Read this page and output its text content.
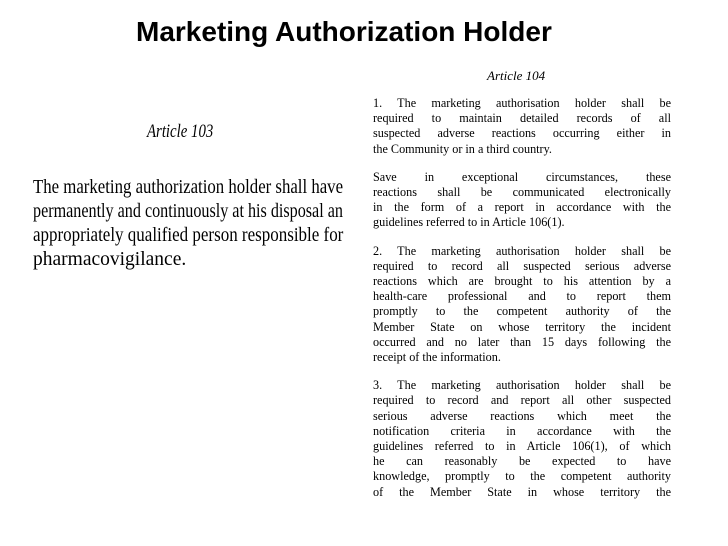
Marketing Authorization Holder
Article 103
The marketing authorization holder shall have
permanently and continuously at his disposal an
appropriately qualified person responsible for
pharmacovigilance.
Article 104

1. The marketing authorisation holder shall be
required to maintain detailed records of all
suspected adverse reactions occurring either in
the Community or in a third country.

Save in exceptional circumstances, these
reactions shall be communicated electronically
in the form of a report in accordance with the
guidelines referred to in Article 106(1).

2. The marketing authorisation holder shall be
required to record all suspected serious adverse
reactions which are brought to his attention by a
health-care professional and to report them
promptly to the competent authority of the
Member State on whose territory the incident
occurred and no later than 15 days following the
receipt of the information.

3. The marketing authorisation holder shall be
required to record and report all other suspected
serious adverse reactions which meet the
notification criteria in accordance with the
guidelines referred to in Article 106(1), of which
he can reasonably be expected to have
knowledge, promptly to the competent authority
of the Member State in whose territory the
